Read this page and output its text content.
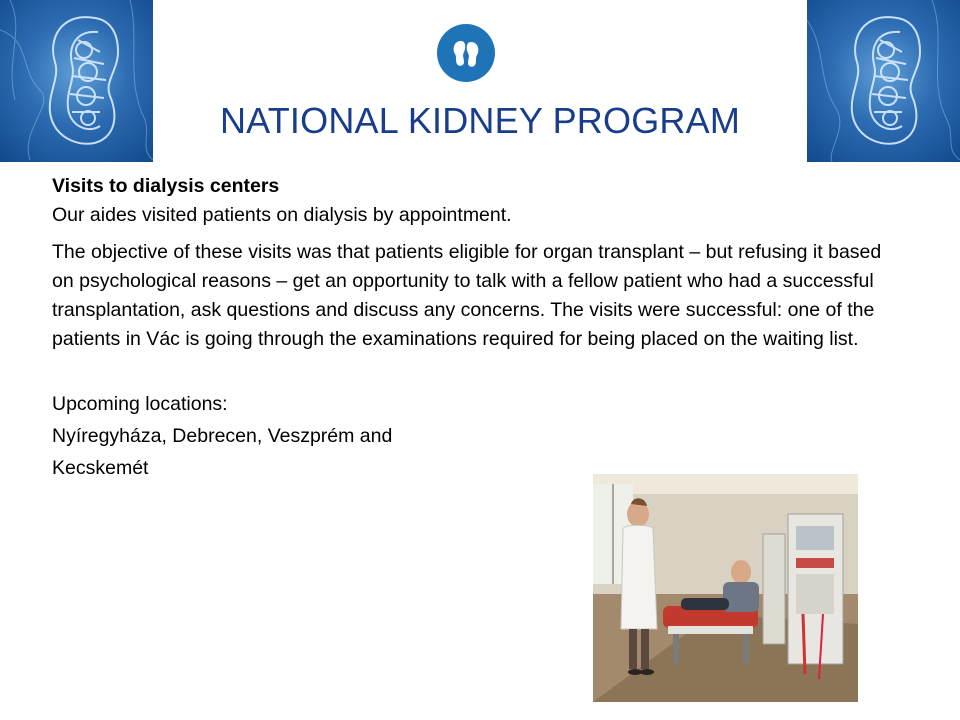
NATIONAL KIDNEY PROGRAM

Visits to dialysis centers

Our aides visited patients on dialysis by appointment.

The objective of these visits was that patients eligible for organ transplant – but refusing it based on psychological reasons – get an opportunity to talk with a fellow patient who had a successful transplantation, ask questions and discuss any concerns. The visits were successful: one of the patients in Vác is going through the examinations required for being placed on the waiting list.

Upcoming locations:

Nyíregyháza, Debrecen, Veszprém and

Kecskemét
